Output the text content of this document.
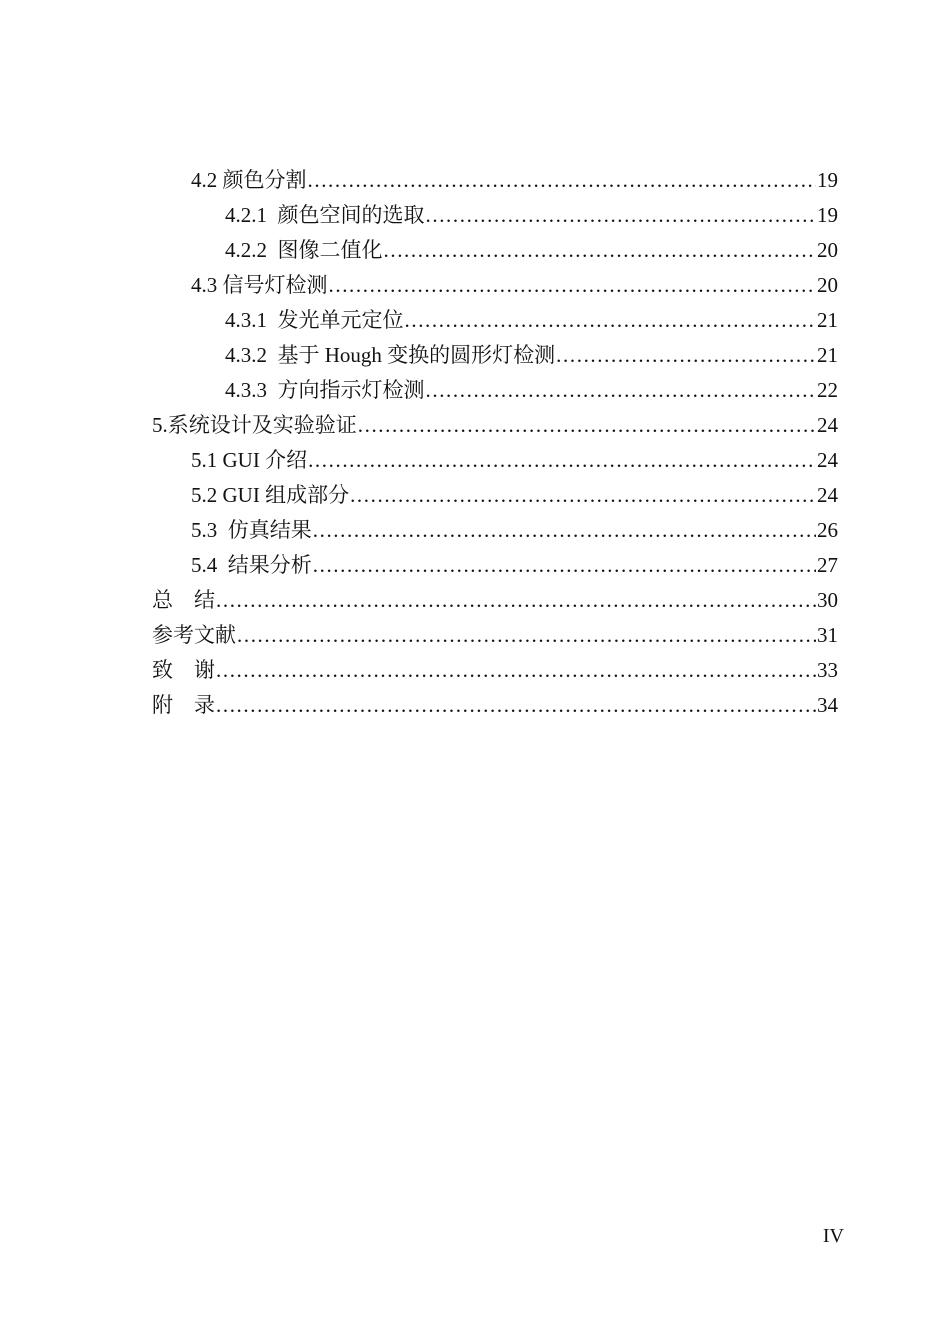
4.2 颜色分割 .....	19
4.2.1  颜色空间的选取 .....	19
4.2.2  图像二值化 .....	20
4.3 信号灯检测 .....	20
4.3.1  发光单元定位 .....	21
4.3.2  基于 Hough 变换的圆形灯检测 .....	21
4.3.3  方向指示灯检测 .....	22
5.系统设计及实验验证 .....	24
5.1 GUI 介绍 .....	24
5.2 GUI 组成部分 .....	24
5.3  仿真结果 .....	26
5.4  结果分析 .....	27
总　结 .....	30
参考文献 .....	31
致　谢 .....	33
附　录 .....	34
IV
